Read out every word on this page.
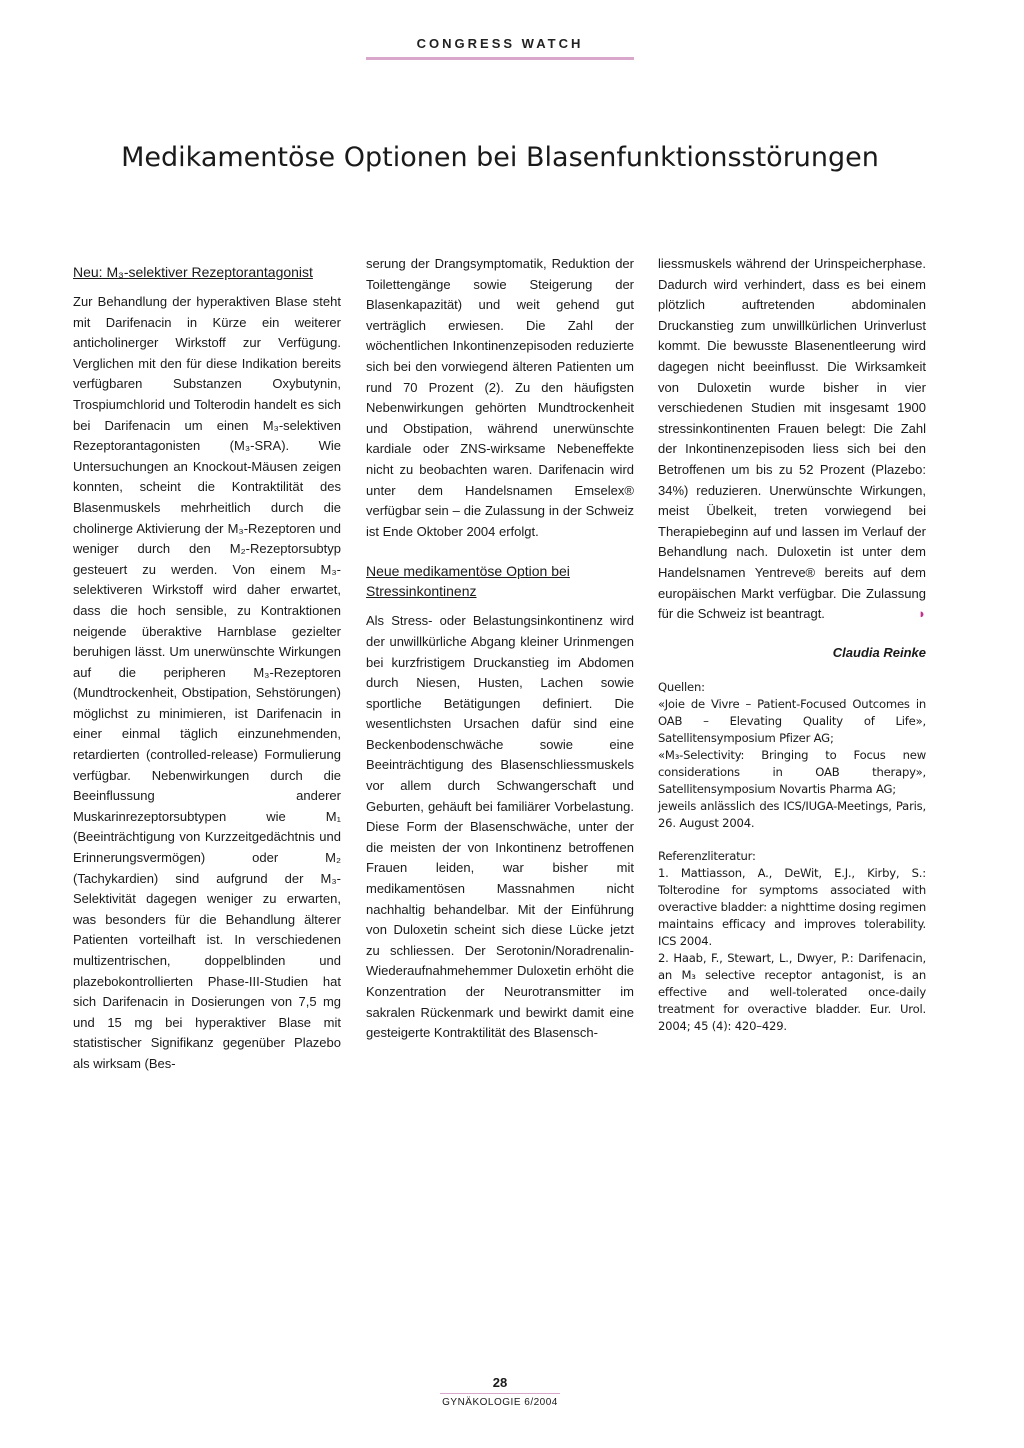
CONGRESS WATCH
Medikamentöse Optionen bei Blasenfunktionsstörungen
Neu: M₃-selektiver Rezeptorantagonist

Zur Behandlung der hyperaktiven Blase steht mit Darifenacin in Kürze ein weiterer anticholinerger Wirkstoff zur Verfügung. Verglichen mit den für diese Indikation bereits verfügbaren Substanzen Oxybutynin, Trospiumchlorid und Tolterodin handelt es sich bei Darifenacin um einen M₃-selektiven Rezeptorantagonisten (M₃-SRA). Wie Untersuchungen an Knockout-Mäusen zeigen konnten, scheint die Kontraktilität des Blasenmuskels mehrheitlich durch die cholinerge Aktivierung der M₃-Rezeptoren und weniger durch den M₂-Rezeptorsubtyp gesteuert zu werden. Von einem M₃-selektiveren Wirkstoff wird daher erwartet, dass die hoch sensible, zu Kontraktionen neigende überaktive Harnblase gezielter beruhigen lässt. Um unerwünschte Wirkungen auf die peripheren M₃-Rezeptoren (Mundtrockenheit, Obstipation, Sehstörungen) möglichst zu minimieren, ist Darifenacin in einer einmal täglich einzunehmenden, retardierten (controlled-release) Formulierung verfügbar. Nebenwirkungen durch die Beeinflussung anderer Muskarinrezeptorsubtypen wie M₁ (Beeinträchtigung von Kurzzeitgedächtnis und Erinnerungsvermögen) oder M₂ (Tachykardien) sind aufgrund der M₃-Selektivität dagegen weniger zu erwarten, was besonders für die Behandlung älterer Patienten vorteilhaft ist. In verschiedenen multizentrischen, doppelblinden und plazebokontrollierten Phase-III-Studien hat sich Darifenacin in Dosierungen von 7,5 mg und 15 mg bei hyperaktiver Blase mit statistischer Signifikanz gegenüber Plazebo als wirksam (Bes-

serung der Drangsymptomatik, Reduktion der Toilettengänge sowie Steigerung der Blasenkapazität) und weit gehend gut verträglich erwiesen. Die Zahl der wöchentlichen Inkontinenzepisoden reduzierte sich bei den vorwiegend älteren Patienten um rund 70 Prozent (2). Zu den häufigsten Nebenwirkungen gehörten Mundtrockenheit und Obstipation, während unerwünschte kardiale oder ZNS-wirksame Nebeneffekte nicht zu beobachten waren. Darifenacin wird unter dem Handelsnamen Emselex® verfügbar sein – die Zulassung in der Schweiz ist Ende Oktober 2004 erfolgt.

Neue medikamentöse Option bei Stressinkontinenz

Als Stress- oder Belastungsinkontinenz wird der unwillkürliche Abgang kleiner Urinmengen bei kurzfristigem Druckanstieg im Abdomen durch Niesen, Husten, Lachen sowie sportliche Betätigungen definiert. Die wesentlichsten Ursachen dafür sind eine Beckenbodenschwäche sowie eine Beeinträchtigung des Blasenschliessmuskels vor allem durch Schwangerschaft und Geburten, gehäuft bei familiärer Vorbelastung. Diese Form der Blasenschwäche, unter der die meisten der von Inkontinenz betroffenen Frauen leiden, war bisher mit medikamentösen Massnahmen nicht nachhaltig behandelbar. Mit der Einführung von Duloxetin scheint sich diese Lücke jetzt zu schliessen. Der Serotonin/Noradrenalin-Wiederaufnahmehemmer Duloxetin erhöht die Konzentration der Neurotransmitter im sakralen Rückenmark und bewirkt damit eine gesteigerte Kontraktilität des Blasensch-

liessmuskels während der Urinspeicherphase. Dadurch wird verhindert, dass es bei einem plötzlich auftretenden abdominalen Druckanstieg zum unwillkürlichen Urinverlust kommt. Die bewusste Blasenentleerung wird dagegen nicht beeinflusst. Die Wirksamkeit von Duloxetin wurde bisher in vier verschiedenen Studien mit insgesamt 1900 stressinkontinenten Frauen belegt: Die Zahl der Inkontinenzepisoden liess sich bei den Betroffenen um bis zu 52 Prozent (Plazebo: 34%) reduzieren. Unerwünschte Wirkungen, meist Übelkeit, treten vorwiegend bei Therapiebeginn auf und lassen im Verlauf der Behandlung nach. Duloxetin ist unter dem Handelsnamen Yentreve® bereits auf dem europäischen Markt verfügbar. Die Zulassung für die Schweiz ist beantragt.	◗

Claudia Reinke

Quellen:

«Joie de Vivre – Patient-Focused Outcomes in OAB – Elevating Quality of Life», Satellitensymposium Pfizer AG;

«M₃-Selectivity: Bringing to Focus new considerations in OAB therapy», Satellitensymposium Novartis Pharma AG;

jeweils anlässlich des ICS/IUGA-Meetings, Paris, 26. August 2004.

Referenzliteratur:

1. Mattiasson, A., DeWit, E.J., Kirby, S.: Tolterodine for symptoms associated with overactive bladder: a nighttime dosing regimen maintains efficacy and improves tolerability. ICS 2004.

2. Haab, F., Stewart, L., Dwyer, P.: Darifenacin, an M₃ selective receptor antagonist, is an effective and well-tolerated once-daily treatment for overactive bladder. Eur. Urol. 2004; 45 (4): 420–429.

28
GYNÄKOLOGIE 6/2004
